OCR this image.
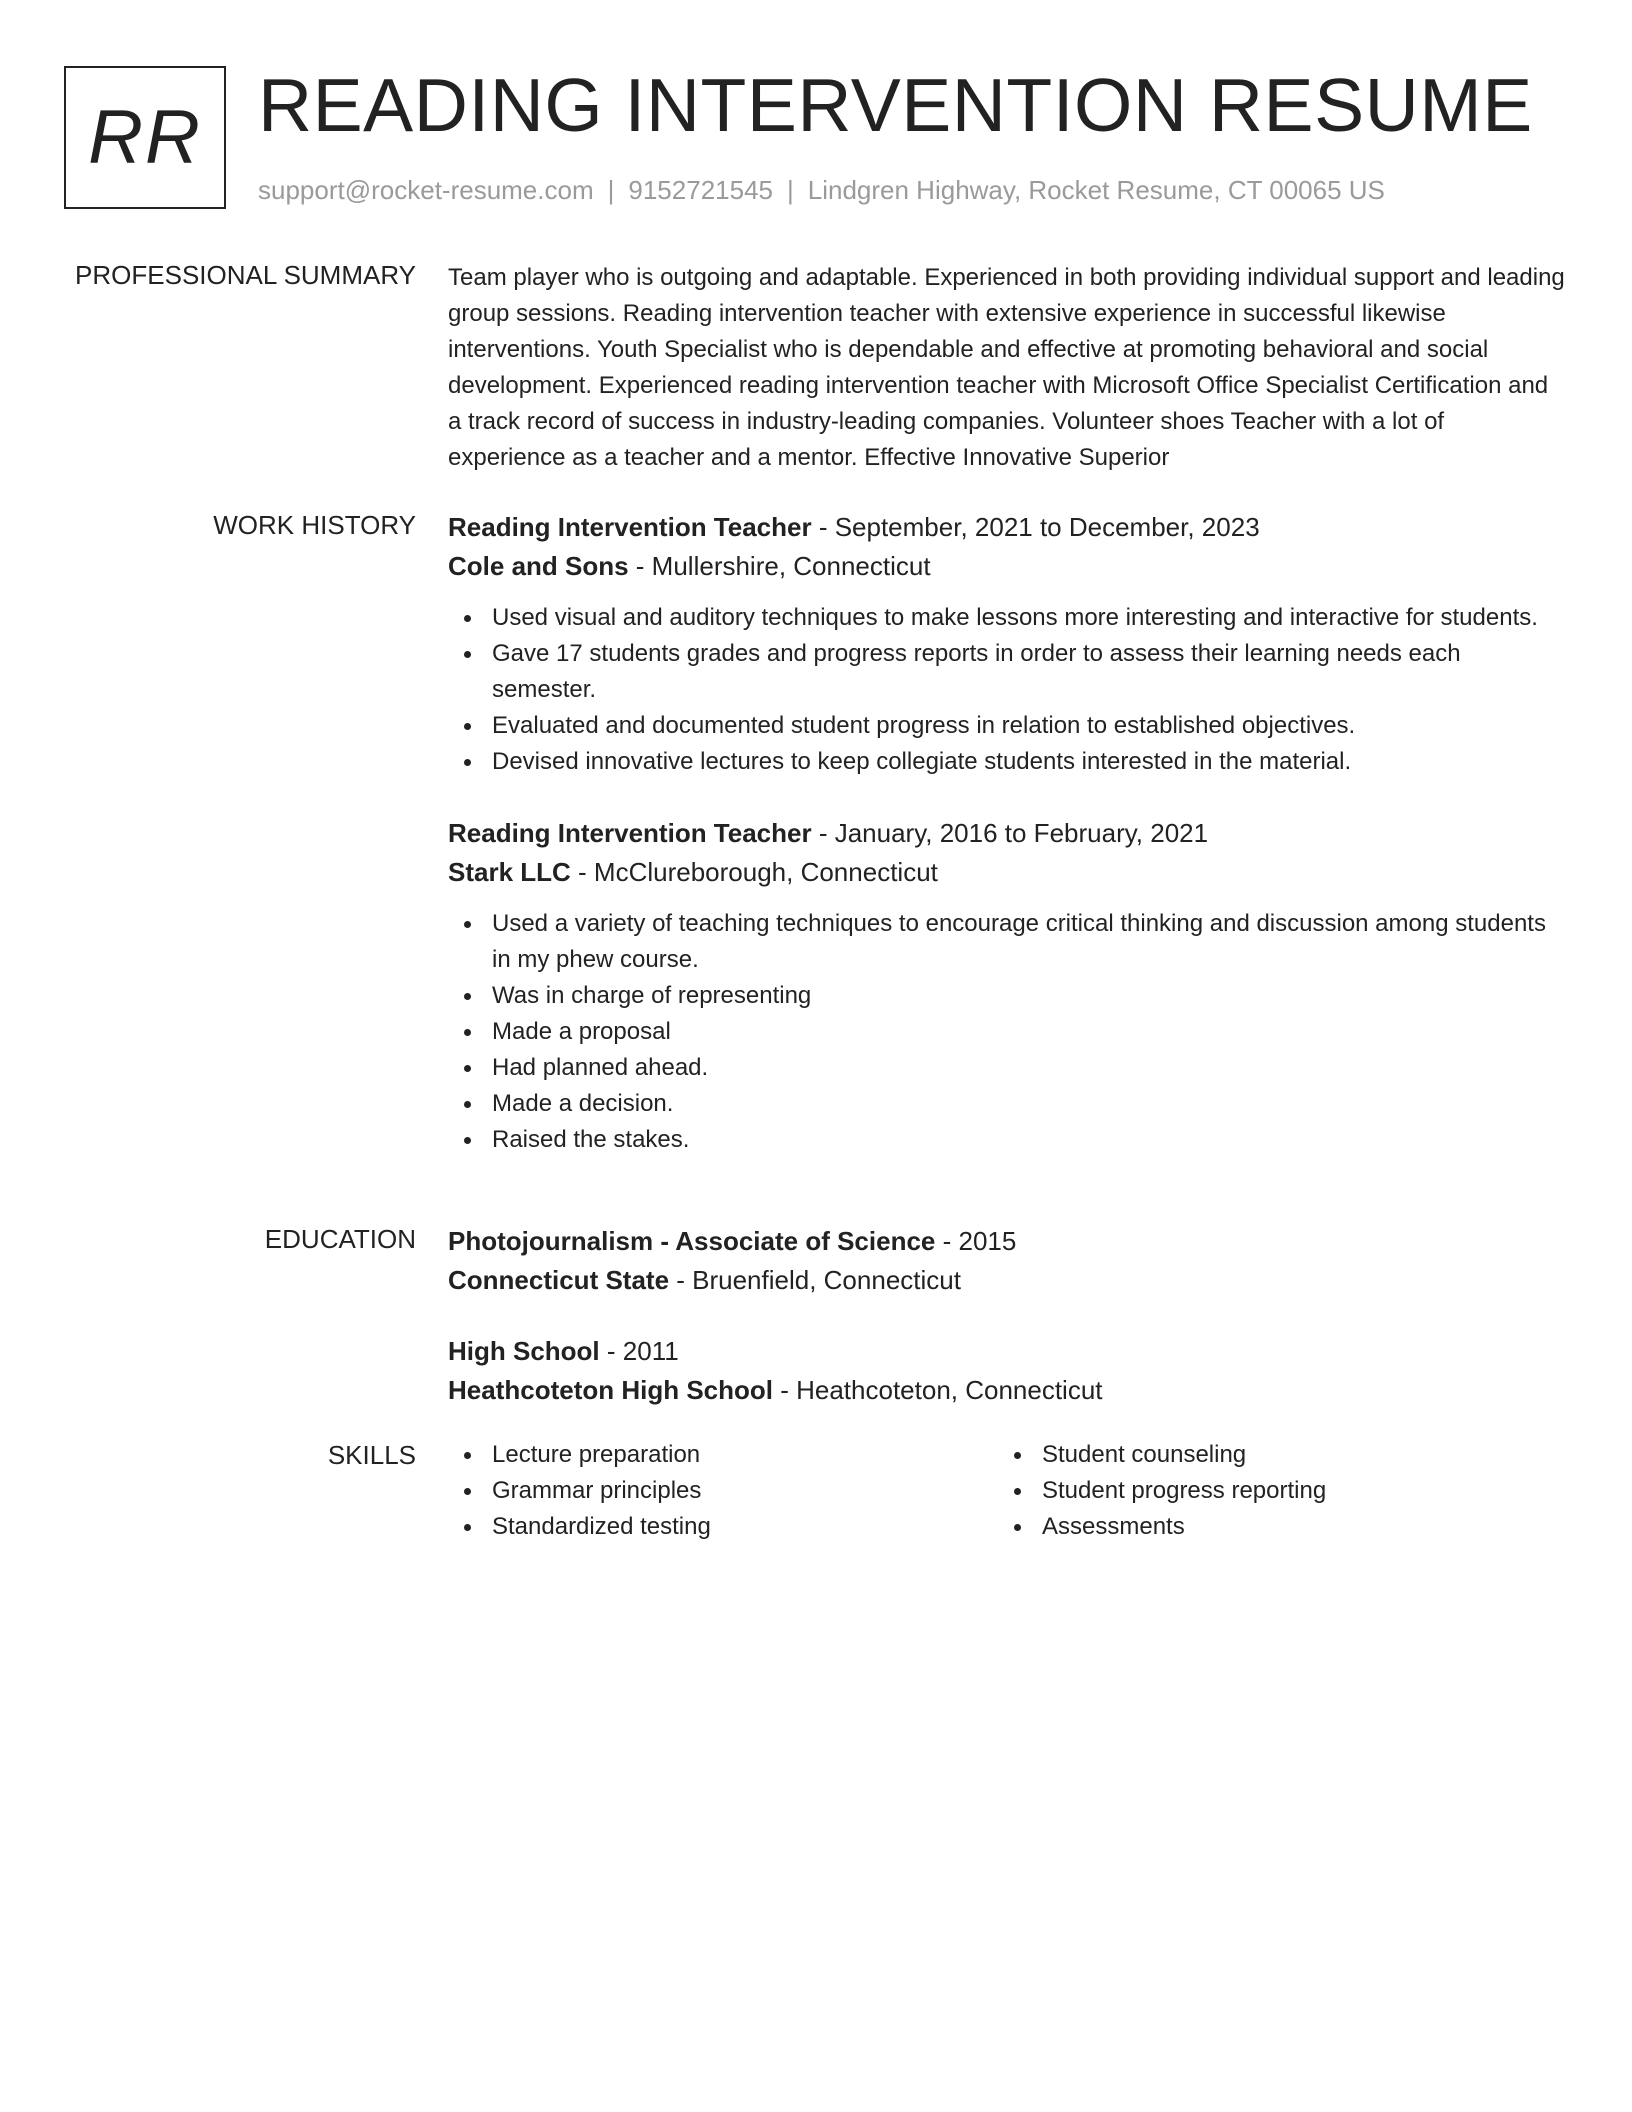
RR READING INTERVENTION RESUME
support@rocket-resume.com | 9152721545 | Lindgren Highway, Rocket Resume, CT 00065 US
PROFESSIONAL SUMMARY Team player who is outgoing and adaptable. Experienced in both providing individual support and leading group sessions. Reading intervention teacher with extensive experience in successful likewise interventions. Youth Specialist who is dependable and effective at promoting behavioral and social development. Experienced reading intervention teacher with Microsoft Office Specialist Certification and a track record of success in industry-leading companies. Volunteer shoes Teacher with a lot of experience as a teacher and a mentor. Effective Innovative Superior

WORK HISTORY Reading Intervention Teacher - September, 2021 to December, 2023
Cole and Sons - Mullershire, Connecticut
Used visual and auditory techniques to make lessons more interesting and interactive for students.
Gave 17 students grades and progress reports in order to assess their learning needs each semester.
Evaluated and documented student progress in relation to established objectives.
Devised innovative lectures to keep collegiate students interested in the material.
Reading Intervention Teacher - January, 2016 to February, 2021
Stark LLC - McClureborough, Connecticut
Used a variety of teaching techniques to encourage critical thinking and discussion among students in my phew course.
Was in charge of representing
Made a proposal
Had planned ahead.
Made a decision.
Raised the stakes.
EDUCATION Photojournalism - Associate of Science - 2015
Connecticut State - Bruenfield, Connecticut
High School - 2011
Heathcoteton High School - Heathcoteton, Connecticut
SKILLS	Lecture preparation
Grammar principles
Standardized testing
Student counseling
Student progress reporting
Assessments
